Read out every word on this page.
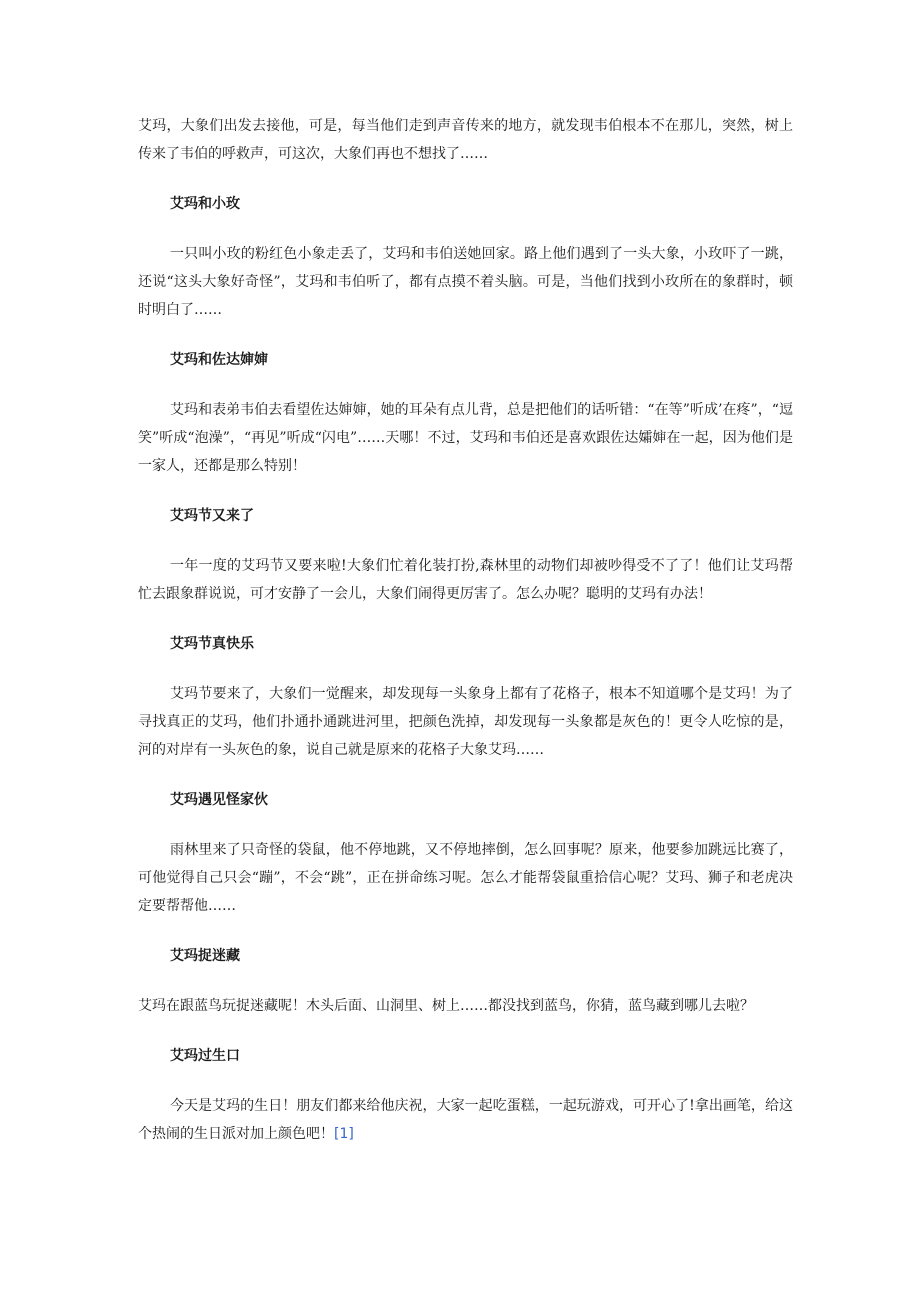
艾玛，大象们出发去接他，可是，每当他们走到声音传来的地方，就发现韦伯根本不在那儿，突然，树上传来了韦伯的呼救声，可这次，大象们再也不想找了……

艾玛和小玫

一只叫小玫的粉红色小象走丢了，艾玛和韦伯送她回家。路上他们遇到了一头大象，小玫吓了一跳，还说“这头大象好奇怪”，艾玛和韦伯听了，都有点摸不着头脑。可是，当他们找到小玫所在的象群时，顿时明白了……

艾玛和佐达婶婶

艾玛和表弟韦伯去看望佐达婶婶，她的耳朵有点儿背，总是把他们的话听错：“在等”听成’在疼”，“逗笑”听成“泡澡”，“再见”听成“闪电”……天哪！不过，艾玛和韦伯还是喜欢跟佐达孀婶在一起，因为他们是一家人，还都是那么特别！

艾玛节又来了

一年一度的艾玛节又要来啦!大象们忙着化装打扮,森林里的动物们却被吵得受不了了！他们让艾玛帮忙去跟象群说说，可才安静了一会儿，大象们闹得更厉害了。怎么办呢？聪明的艾玛有办法！

艾玛节真快乐

艾玛节要来了，大象们一觉醒来，却发现每一头象身上都有了花格子，根本不知道哪个是艾玛！为了寻找真正的艾玛，他们扑通扑通跳进河里，把颜色洗掉，却发现每一头象都是灰色的！更令人吃惊的是，河的对岸有一头灰色的象，说自己就是原来的花格子大象艾玛……

艾玛遇见怪家伙

雨林里来了只奇怪的袋鼠，他不停地跳，又不停地摔倒，怎么回事呢？原来，他要参加跳远比赛了，可他觉得自己只会“蹦”，不会“跳”，正在拼命练习呢。怎么才能帮袋鼠重拾信心呢？艾玛、狮子和老虎决定要帮帮他……

艾玛捉迷藏

艾玛在跟蓝鸟玩捉迷藏呢！木头后面、山洞里、树上……都没找到蓝鸟，你猜，蓝鸟藏到哪儿去啦？

艾玛过生口

今天是艾玛的生日！朋友们都来给他庆祝，大家一起吃蛋糕，一起玩游戏，可开心了!拿出画笔，给这个热闹的生日派对加上颜色吧！[1]
